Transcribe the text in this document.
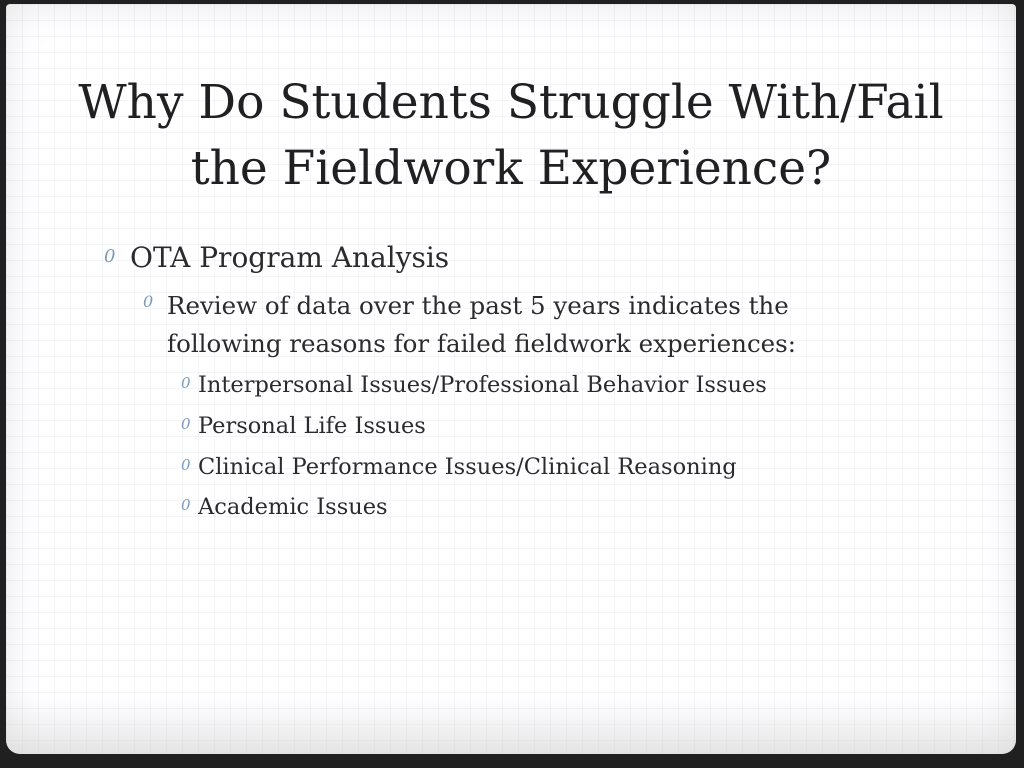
Why Do Students Struggle With/Fail
the Fieldwork Experience?
0 OTA Program Analysis
0 Review of data over the past 5 years indicates the following reasons for failed fieldwork experiences:
0 Interpersonal Issues/Professional Behavior Issues
0 Personal Life Issues
0 Clinical Performance Issues/Clinical Reasoning
0 Academic Issues
